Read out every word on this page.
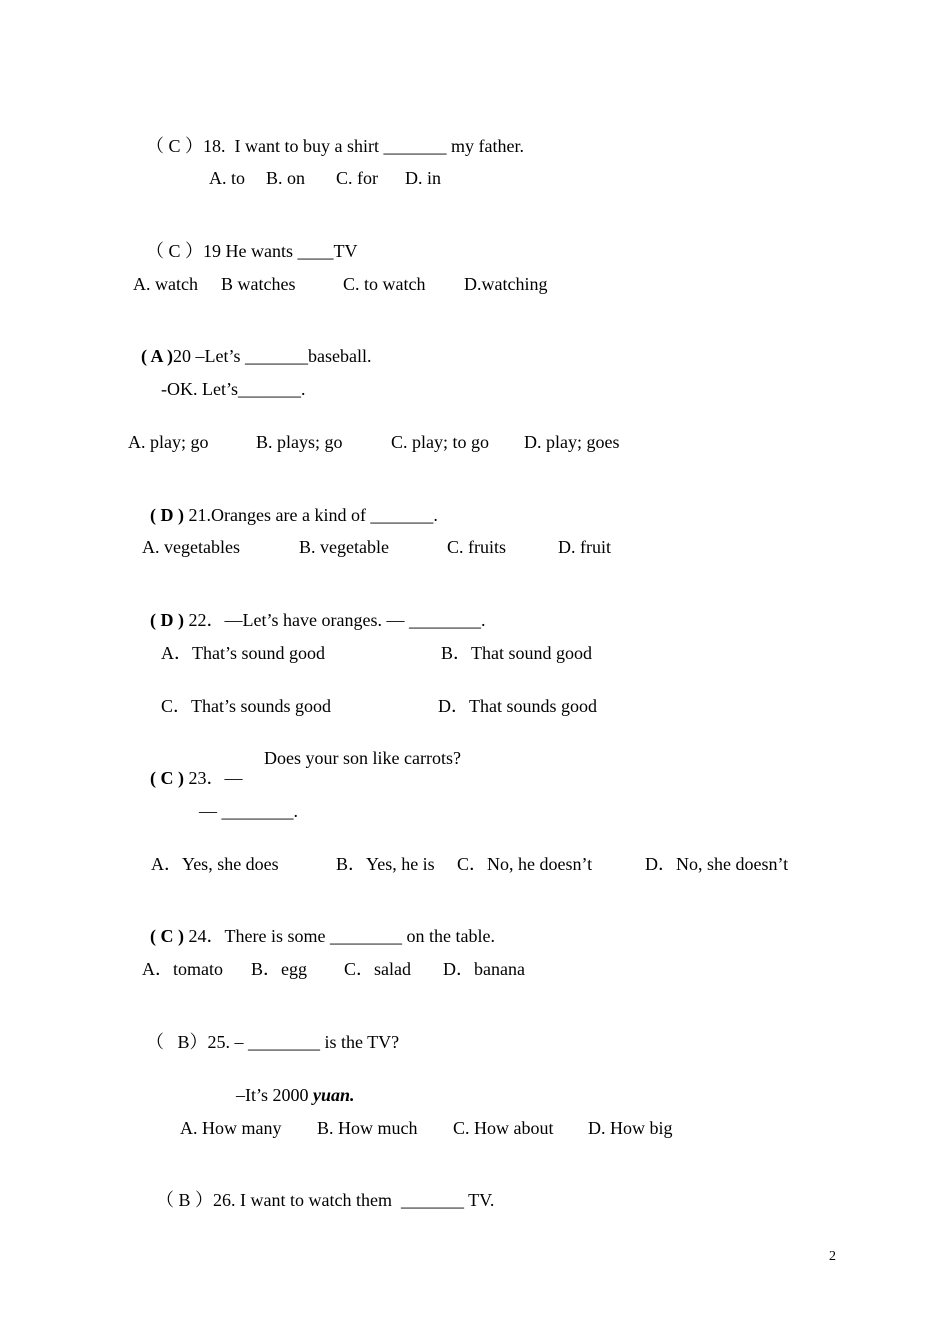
（ C ）18.  I want to buy a shirt _______ my father.

A. to B. on C. for D. in

（ C ）19 He wants ____TV

A. watch B watches	C. to watch D.watching

( A )20 –Let’s _______baseball.

-OK. Let’s_______.
A. play; go	B. plays; go	C. play; to go D. play; goes

( D ) 21.Oranges are a kind of _______.

A. vegetables	B. vegetable	C. fruits	D. fruit

( D ) 22．—Let’s have oranges. — ________.

A．That’s sound good	B．That sound good
C．That’s sounds good	D．That sounds good

( C ) 23．—

Does your son like carrots?
— ________.
A．Yes, she does	B．Yes, he is C．No, he doesn’t	D．No, she doesn’t

( C ) 24．There is some ________ on the table.

A．tomato B．egg C．salad D．banana

（   B）25. – ________ is the TV?

–It’s 2000 yuan.

A. How many B. How much C. How about D. How big

（ B ）26. I want to watch them  _______ TV.

2
